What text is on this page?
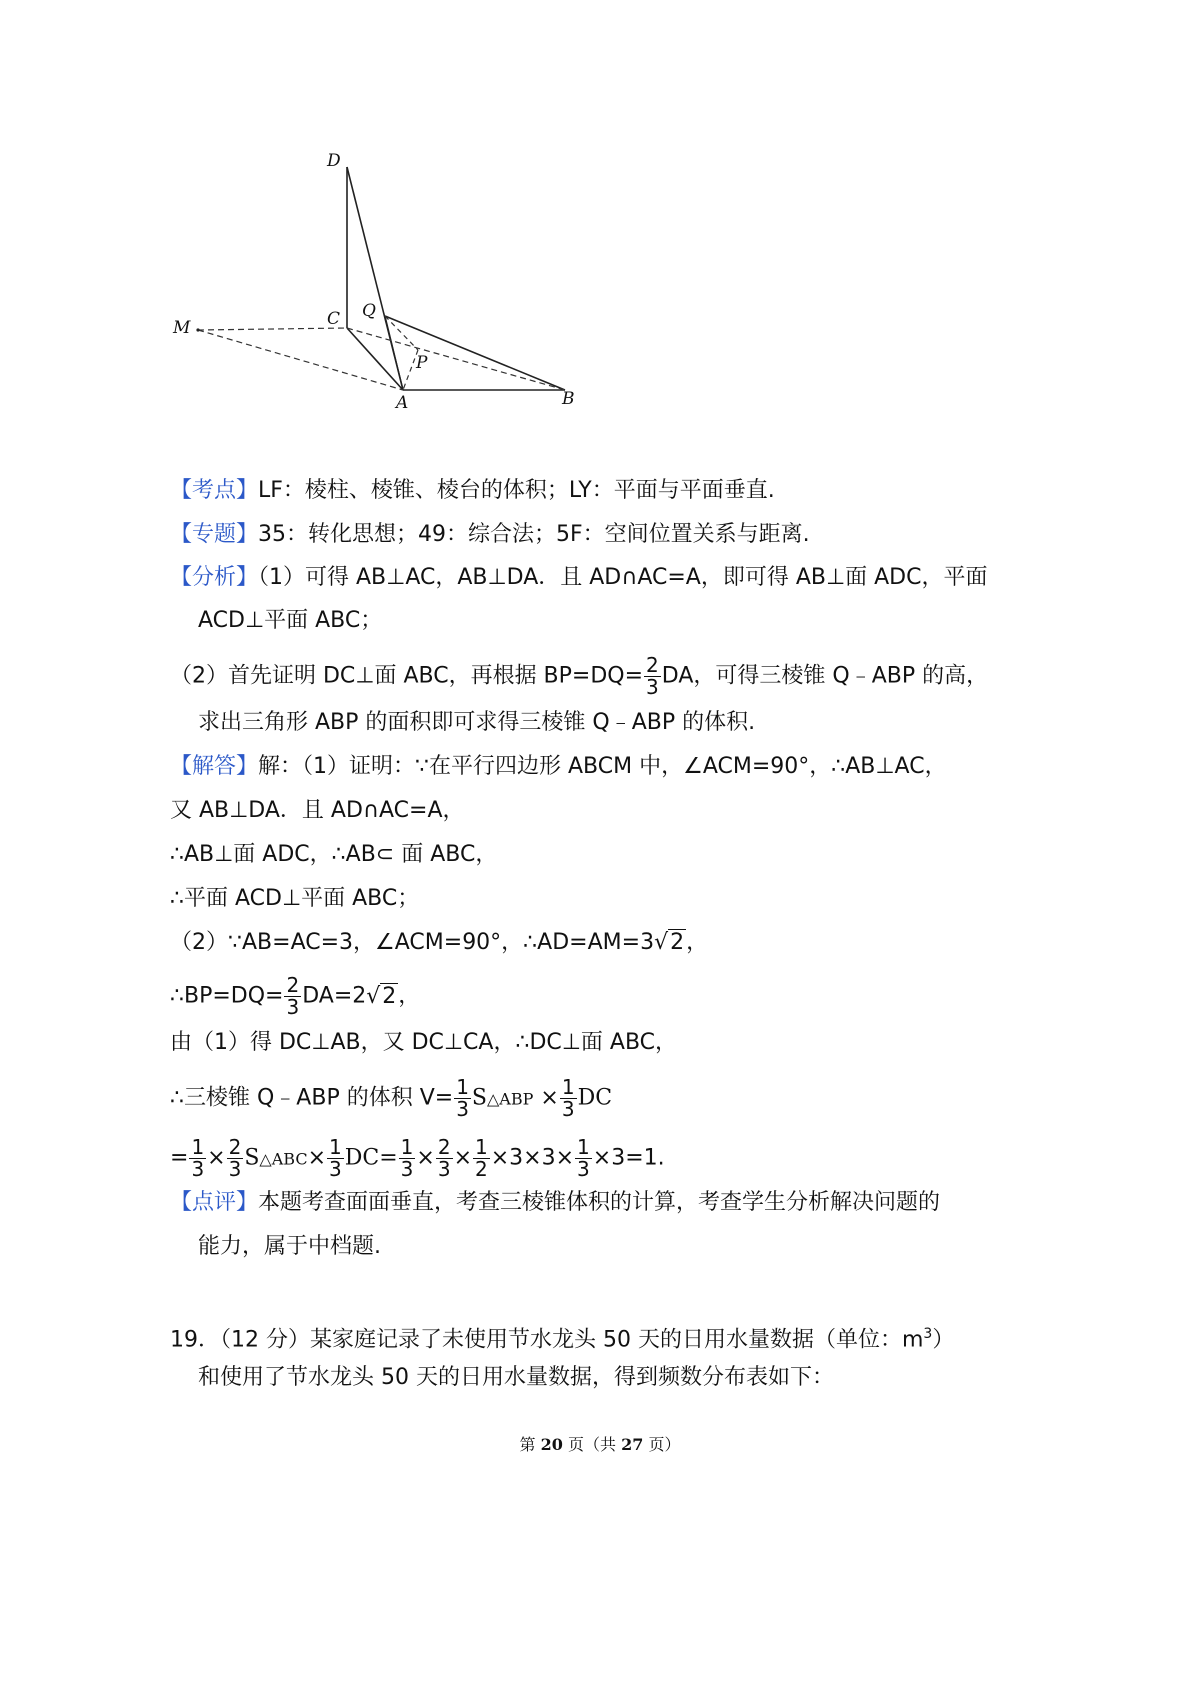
D
C Q
M
P
A	B
【考点】LF：棱柱、棱锥、棱台的体积；LY：平面与平面垂直.
【专题】35：转化思想；49：综合法；5F：空间位置关系与距离.
【分析】（1）可得 AB⊥AC，AB⊥DA．且 AD∩AC=A，即可得 AB⊥面 ADC，平面
ACD⊥平面 ABC；
（2）首先证明 DC⊥面 ABC，再根据 $BP=DQ= \frac{2}{3}$ DA，可得三棱锥 Q﹣ABP 的高，
求出三角形 ABP 的面积即可求得三棱锥 Q﹣ABP 的体积.
【解答】解：（1）证明：∵在平行四边形 ABCM 中，∠ACM=90°，∴AB⊥AC，
又 AB⊥DA．且 AD∩AC=A，
∴AB⊥面 ADC，∴AB⊂ 面 ABC，
∴平面 ACD⊥平面 ABC；
（2）∵AB=AC=3，∠ACM=90°，∴AD=AM=3√2，
∴BP=DQ= $\frac{2}{3} DA=2√2$，
由（1）得 DC⊥AB，又 DC⊥CA，∴DC⊥面 ABC，
∴三棱锥 Q﹣ABP 的体积 $V= \frac{1}{3}$ S△ABP × $\frac{1}{3}$ DC
= $\frac{1}{3} \times \frac{2}{3}$ S△ABC× $\frac{1}{3} DC= \frac{1}{3} \times \frac{2}{3} \times \frac{1}{2} \times 3\times 3\times \frac{1}{3} \times 3=1$.
【点评】本题考查面面垂直，考查三棱锥体积的计算，考查学生分析解决问题的
能力，属于中档题.
19．（12 分）某家庭记录了未使用节水龙头 50 天的日用水量数据（单位：$m^3$）
和使用了节水龙头 50 天的日用水量数据，得到频数分布表如下：
第 20 页（共 27 页）
